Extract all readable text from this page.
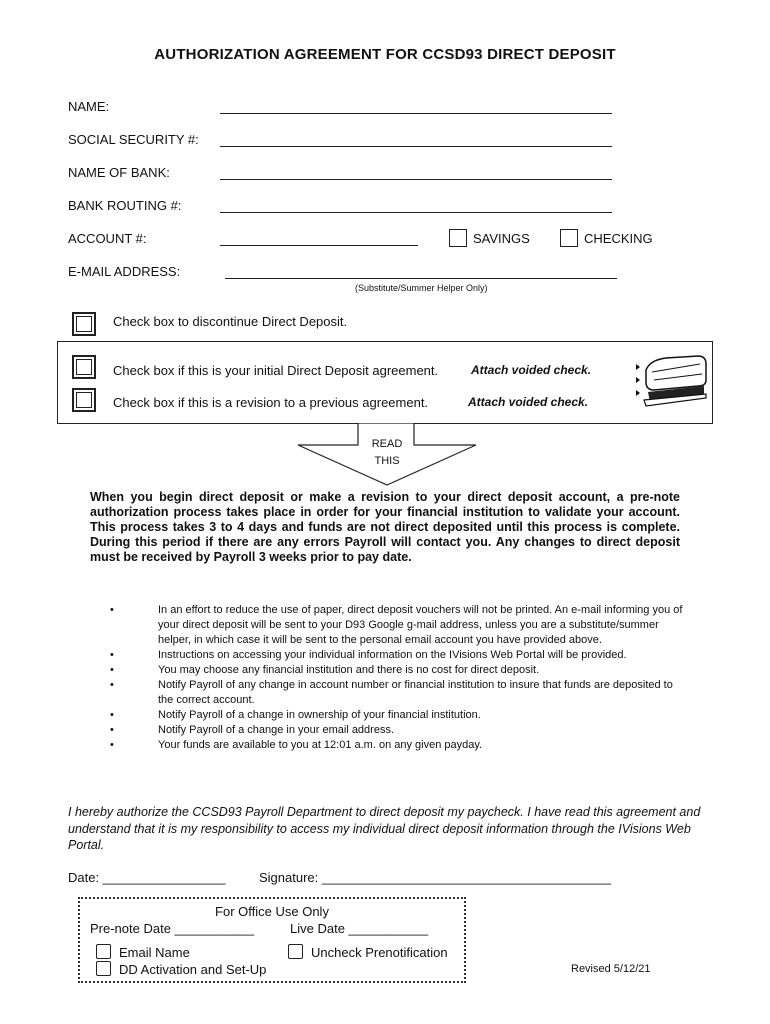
AUTHORIZATION AGREEMENT FOR CCSD93 DIRECT DEPOSIT
NAME:
SOCIAL SECURITY #:
NAME OF BANK:
BANK ROUTING #:
ACCOUNT #:	SAVINGS	CHECKING
E-MAIL ADDRESS:
(Substitute/Summer Helper Only)
Check box to discontinue Direct Deposit.
Check box if this is your initial Direct Deposit agreement.	Attach voided check.
Check box if this is a revision to a previous agreement.	Attach voided check.
READ
THIS
When you begin direct deposit or make a revision to your direct deposit account, a pre-note authorization process takes place in order for your financial institution to validate your account. This process takes 3 to 4 days and funds are not direct deposited until this process is complete. During this period if there are any errors Payroll will contact you. Any changes to direct deposit must be received by Payroll 3 weeks prior to pay date.
•	In an effort to reduce the use of paper, direct deposit vouchers will not be printed. An e-mail informing you of your direct deposit will be sent to your D93 Google g-mail address, unless you are a substitute/summer helper, in which case it will be sent to the personal email account you have provided above.
•	Instructions on accessing your individual information on the IVisions Web Portal will be provided.
•	You may choose any financial institution and there is no cost for direct deposit.
•	Notify Payroll of any change in account number or financial institution to insure that funds are deposited to the correct account.
•	Notify Payroll of a change in ownership of your financial institution.
•	Notify Payroll of a change in your email address.
•	Your funds are available to you at 12:01 a.m. on any given payday.
I hereby authorize the CCSD93 Payroll Department to direct deposit my paycheck. I have read this agreement and understand that it is my responsibility to access my individual direct deposit information through the IVisions Web Portal.
Date: _________________	Signature: ________________________________________
For Office Use Only
Pre-note Date ___________	Live Date ___________
Email Name	Uncheck Prenotification
DD Activation and Set-Up	Revised 5/12/21
